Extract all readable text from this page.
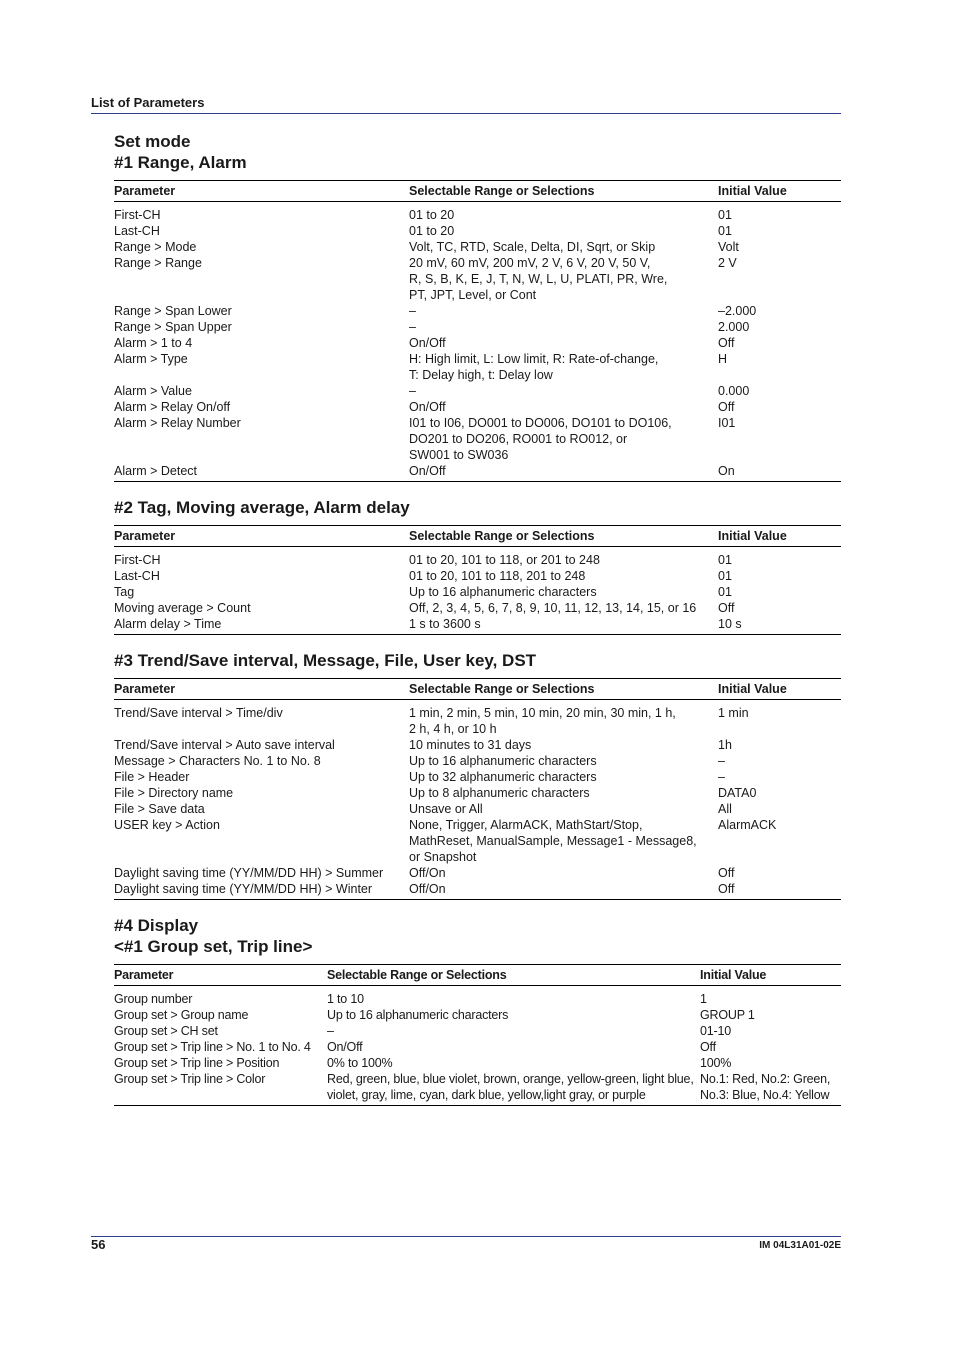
List of Parameters
Set mode
#1 Range, Alarm
Parameter	Selectable Range or Selections	Initial Value
First-CH	01 to 20	01
Last-CH	01 to 20	01
Range > Mode	Volt, TC, RTD, Scale, Delta, DI, Sqrt, or Skip	Volt
Range > Range	20 mV, 60 mV, 200 mV, 2 V, 6 V, 20 V, 50 V,
R, S, B, K, E, J, T, N, W, L, U, PLATI, PR, Wre,
PT, JPT, Level, or Cont	2 V
Range > Span Lower	–	–2.000
Range > Span Upper	–	2.000
Alarm > 1 to 4	On/Off	Off
Alarm > Type	H: High limit, L: Low limit, R: Rate-of-change,
T: Delay high, t: Delay low	H
Alarm > Value	–	0.000
Alarm > Relay On/off	On/Off	Off
Alarm > Relay Number	I01 to I06, DO001 to DO006, DO101 to DO106,
DO201 to DO206, RO001 to RO012, or
SW001 to SW036	I01
Alarm > Detect	On/Off	On
#2 Tag, Moving average, Alarm delay
Parameter	Selectable Range or Selections	Initial Value
First-CH	01 to 20, 101 to 118, or 201 to 248	01
Last-CH	01 to 20, 101 to 118, 201 to 248	01
Tag	Up to 16 alphanumeric characters	01
Moving average > Count	Off, 2, 3, 4, 5, 6, 7, 8, 9, 10, 11, 12, 13, 14, 15, or 16	Off
Alarm delay > Time	1 s to 3600 s	10 s
#3 Trend/Save interval, Message, File, User key, DST
Parameter	Selectable Range or Selections	Initial Value
Trend/Save interval > Time/div	1 min, 2 min, 5 min, 10 min, 20 min, 30 min, 1 h,
2 h, 4 h, or 10 h	1 min
Trend/Save interval > Auto save interval	10 minutes to 31 days	1h
Message > Characters No. 1 to No. 8	Up to 16 alphanumeric characters	–
File > Header	Up to 32 alphanumeric characters	–
File > Directory name	Up to 8 alphanumeric characters	DATA0
File > Save data	Unsave or All	All
USER key > Action	None, Trigger, AlarmACK, MathStart/Stop,
MathReset, ManualSample, Message1 - Message8,
or Snapshot	AlarmACK
Daylight saving time (YY/MM/DD HH) > Summer	Off/On	Off
Daylight saving time (YY/MM/DD HH) > Winter	Off/On	Off
#4 Display
<#1 Group set, Trip line>
Parameter	Selectable Range or Selections	Initial Value
Group number	1 to 10	1
Group set > Group name	Up to 16 alphanumeric characters	GROUP 1
Group set > CH set	–	01-10
Group set > Trip line > No. 1 to No. 4	On/Off	Off
Group set > Trip line > Position	0% to 100%	100%
Group set > Trip line > Color	Red, green, blue, blue violet, brown, orange, yellow-green, light blue,
violet, gray, lime, cyan, dark blue, yellow,light gray, or purple	No.1: Red, No.2: Green,
No.3: Blue, No.4: Yellow
56	IM 04L31A01-02E
